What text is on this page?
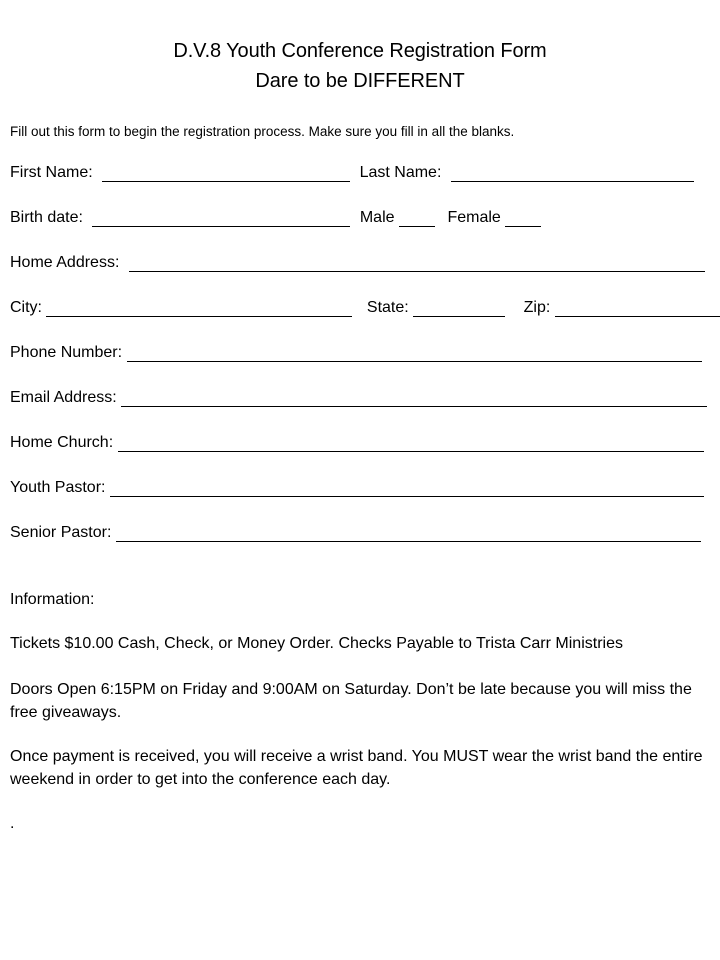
D.V.8 Youth Conference Registration Form
Dare to be DIFFERENT
Fill out this form to begin the registration process. Make sure you fill in all the blanks.
First Name:	Last Name:
Birth date:	Male	Female
Home Address:
City:	State:	Zip:
Phone Number:
Email Address:
Home Church:
Youth Pastor:
Senior Pastor:
Information:
Tickets $10.00 Cash, Check, or Money Order. Checks Payable to Trista Carr Ministries
Doors Open 6:15PM on Friday and 9:00AM on Saturday. Don’t be late because you will miss the free giveaways.
Once payment is received, you will receive a wrist band. You MUST wear the wrist band the entire weekend in order to get into the conference each day.
.
